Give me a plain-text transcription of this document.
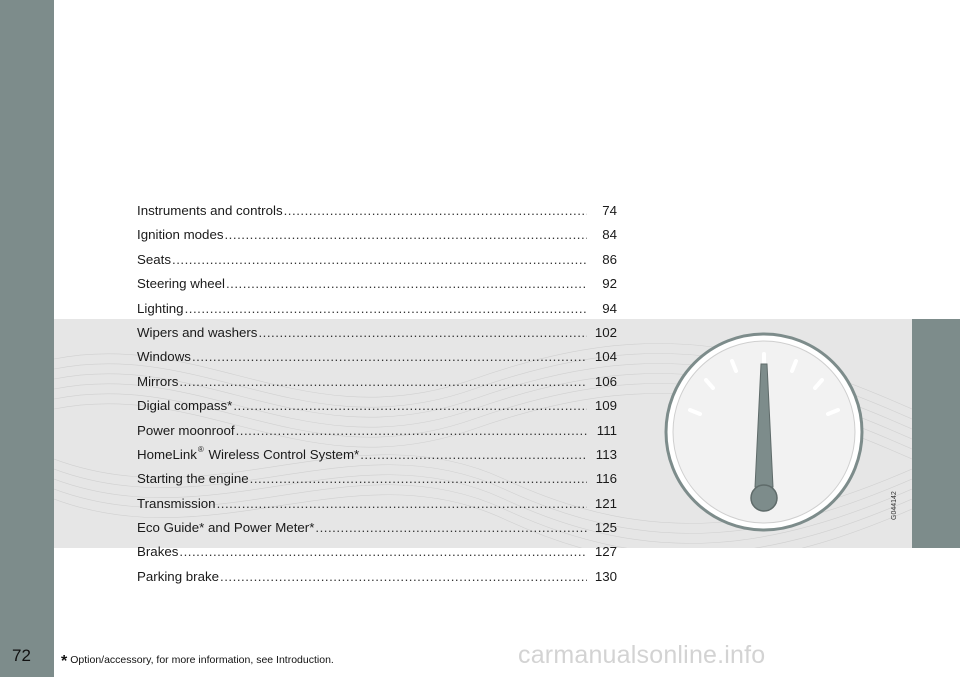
Instruments and controls .....	74
Ignition modes .....	84
Seats .....	86
Steering wheel .....	92
Lighting .....	94
Wipers and washers .....	102
Windows .....	104
Mirrors .....	106
Digial compass* .....	109
Power moonroof .....	111
HomeLink® Wireless Control System* .....	113
Starting the engine .....	116
Transmission .....	121
Eco Guide* and Power Meter* .....	125
Brakes .....	127
Parking brake .....	130
G044142
72 * Option/accessory, for more information, see Introduction.	carmanualsonline.info
